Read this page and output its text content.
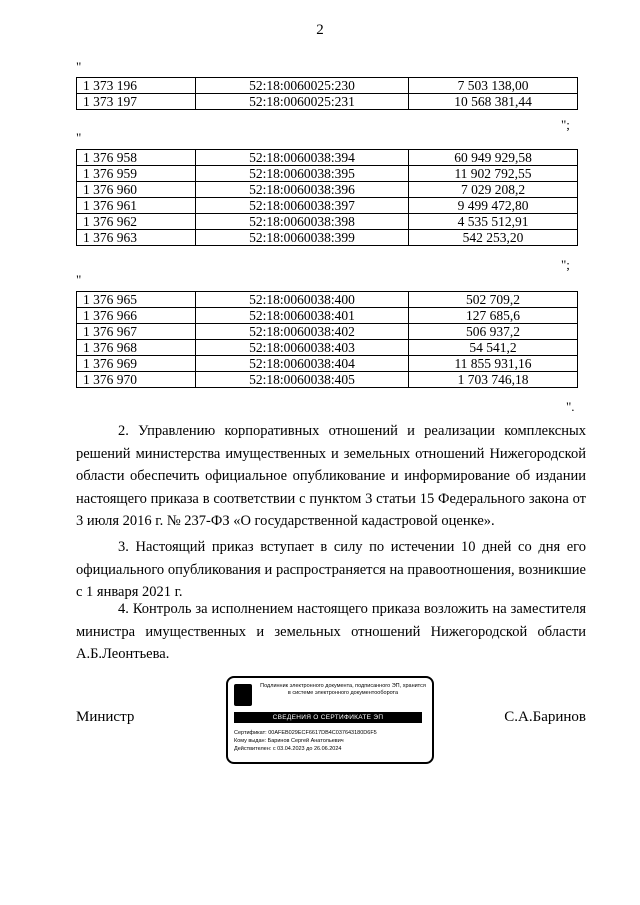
2
"
1 373 196	52:18:0060025:230	7 503 138,00
1 373 197	52:18:0060025:231	10 568 381,44
";
"
1 376 958	52:18:0060038:394	60 949 929,58
1 376 959	52:18:0060038:395	11 902 792,55
1 376 960	52:18:0060038:396	7 029 208,2
1 376 961	52:18:0060038:397	9 499 472,80
1 376 962	52:18:0060038:398	4 535 512,91
1 376 963	52:18:0060038:399	542 253,20
";
"
1 376 965	52:18:0060038:400	502 709,2
1 376 966	52:18:0060038:401	127 685,6
1 376 967	52:18:0060038:402	506 937,2
1 376 968	52:18:0060038:403	54 541,2
1 376 969	52:18:0060038:404	11 855 931,16
1 376 970	52:18:0060038:405	1 703 746,18
".
2. Управлению корпоративных отношений и реализации комплексных решений министерства имущественных и земельных отношений Нижегородской области обеспечить официальное опубликование и информирование об издании настоящего приказа в соответствии с пунктом 3 статьи 15 Федерального закона от 3 июля 2016 г. № 237-ФЗ «О государственной кадастровой оценке».
3. Настоящий приказ вступает в силу по истечении 10 дней со дня его официального опубликования и распространяется на правоотношения, возникшие с 1 января 2021 г.
4. Контроль за исполнением настоящего приказа возложить на заместителя министра имущественных и земельных отношений Нижегородской области А.Б.Леонтьева.
Министр	С.А.Баринов
Подлинник электронного документа, подписанного ЭП, хранится в системе электронного документооборота
СВЕДЕНИЯ О СЕРТИФИКАТЕ ЭП
Сертификат: 00AFEB029ECF6617DB4C037643180D6F5
Кому выдан: Баринов Сергей Анатольевич
Действителен: с 03.04.2023 до 26.06.2024
